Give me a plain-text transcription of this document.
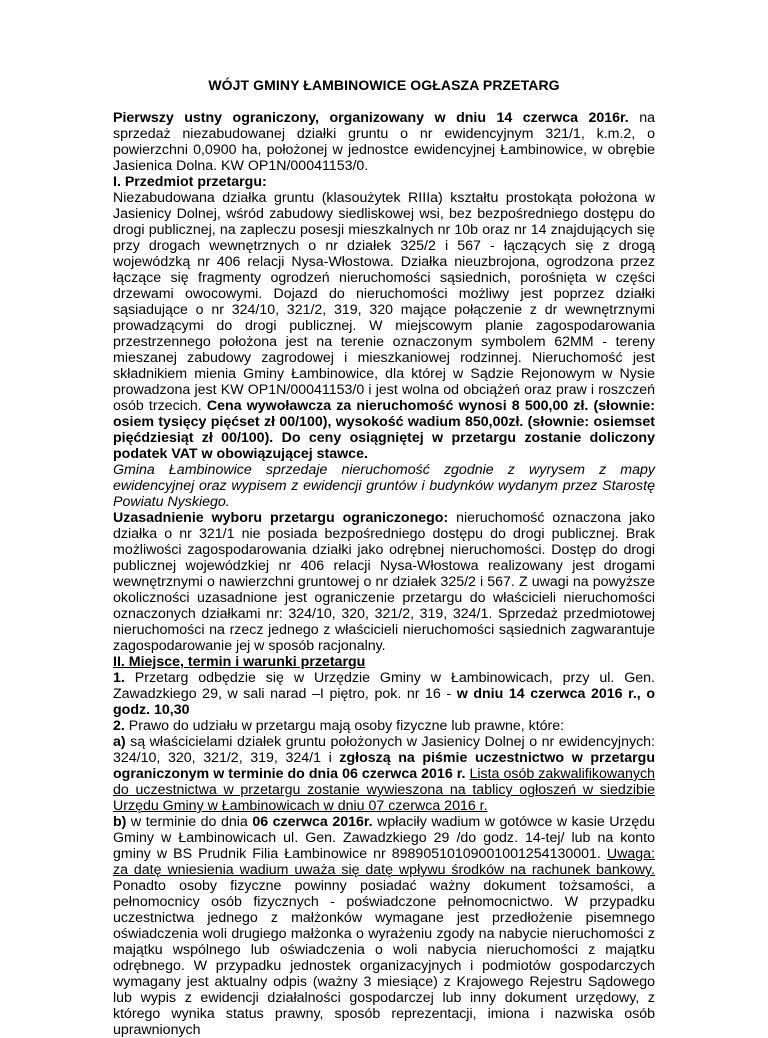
WÓJT GMINY ŁAMBINOWICE OGŁASZA PRZETARG

Pierwszy ustny ograniczony, organizowany w dniu 14 czerwca 2016r. na sprzedaż niezabudowanej działki gruntu o nr ewidencyjnym 321/1, k.m.2, o powierzchni 0,0900 ha, położonej w jednostce ewidencyjnej Łambinowice, w obrębie Jasienica Dolna. KW OP1N/00041153/0.

I. Przedmiot przetargu:

Niezabudowana działka gruntu (klasoużytek RIIIa) kształtu prostokąta położona w Jasienicy Dolnej, wśród zabudowy siedliskowej wsi, bez bezpośredniego dostępu do drogi publicznej, na zapleczu posesji mieszkalnych nr 10b oraz nr 14 znajdujących się przy drogach wewnętrznych o nr działek 325/2 i 567 - łączących się z drogą wojewódzką nr 406 relacji Nysa-Włostowa. Działka nieuzbrojona, ogrodzona przez łączące się fragmenty ogrodzeń nieruchomości sąsiednich, porośnięta w części drzewami owocowymi. Dojazd do nieruchomości możliwy jest poprzez działki sąsiadujące o nr 324/10, 321/2, 319, 320 mające połączenie z dr wewnętrznymi prowadzącymi do drogi publicznej. W miejscowym planie zagospodarowania przestrzennego położona jest na terenie oznaczonym symbolem 62MM - tereny mieszanej zabudowy zagrodowej i mieszkaniowej rodzinnej. Nieruchomość jest składnikiem mienia Gminy Łambinowice, dla której w Sądzie Rejonowym w Nysie prowadzona jest KW OP1N/00041153/0 i jest wolna od obciążeń oraz praw i roszczeń osób trzecich. Cena wywoławcza za nieruchomość wynosi 8 500,00 zł. (słownie: osiem tysięcy pięćset zł 00/100), wysokość wadium 850,00zł. (słownie: osiemset pięćdziesiąt zł 00/100). Do ceny osiągniętej w przetargu zostanie doliczony podatek VAT w obowiązującej stawce.

Gmina Łambinowice sprzedaje nieruchomość zgodnie z wyrysem z mapy ewidencyjnej oraz wypisem z ewidencji gruntów i budynków wydanym przez Starostę Powiatu Nyskiego.

Uzasadnienie wyboru przetargu ograniczonego: nieruchomość oznaczona jako działka o nr 321/1 nie posiada bezpośredniego dostępu do drogi publicznej. Brak możliwości zagospodarowania działki jako odrębnej nieruchomości. Dostęp do drogi publicznej wojewódzkiej nr 406 relacji Nysa-Włostowa realizowany jest drogami wewnętrznymi o nawierzchni gruntowej o nr działek 325/2 i 567. Z uwagi na powyższe okoliczności uzasadnione jest ograniczenie przetargu do właścicieli nieruchomości oznaczonych działkami nr: 324/10, 320, 321/2, 319, 324/1. Sprzedaż przedmiotowej nieruchomości na rzecz jednego z właścicieli nieruchomości sąsiednich zagwarantuje zagospodarowanie jej w sposób racjonalny.

II. Miejsce, termin i warunki przetargu

1. Przetarg odbędzie się w Urzędzie Gminy w Łambinowicach, przy ul. Gen. Zawadzkiego 29, w sali narad –I piętro, pok. nr 16 - w dniu 14 czerwca 2016 r., o godz. 10,30

2. Prawo do udziału w przetargu mają osoby fizyczne lub prawne, które:

a) są właścicielami działek gruntu położonych w Jasienicy Dolnej o nr ewidencyjnych: 324/10, 320, 321/2, 319, 324/1 i zgłoszą na piśmie uczestnictwo w przetargu ograniczonym w terminie do dnia 06 czerwca 2016 r. Lista osób zakwalifikowanych do uczestnictwa w przetargu zostanie wywieszona na tablicy ogłoszeń w siedzibie Urzędu Gminy w Łambinowicach w dniu 07 czerwca 2016 r.

b) w terminie do dnia 06 czerwca 2016r. wpłaciły wadium w gotówce w kasie Urzędu Gminy w Łambinowicach ul. Gen. Zawadzkiego 29 /do godz. 14-tej/ lub na konto gminy w BS Prudnik Filia Łambinowice nr 89890510109001001254130001. Uwaga: za datę wniesienia wadium uważa się datę wpływu środków na rachunek bankowy. Ponadto osoby fizyczne powinny posiadać ważny dokument tożsamości, a pełnomocnicy osób fizycznych - poświadczone pełnomocnictwo. W przypadku uczestnictwa jednego z małżonków wymagane jest przedłożenie pisemnego oświadczenia woli drugiego małżonka o wyrażeniu zgody na nabycie nieruchomości z majątku wspólnego lub oświadczenia o woli nabycia nieruchomości z majątku odrębnego. W przypadku jednostek organizacyjnych i podmiotów gospodarczych wymagany jest aktualny odpis (ważny 3 miesiące) z Krajowego Rejestru Sądowego lub wypis z ewidencji działalności gospodarczej lub inny dokument urzędowy, z którego wynika status prawny, sposób reprezentacji, imiona i nazwiska osób uprawnionych
